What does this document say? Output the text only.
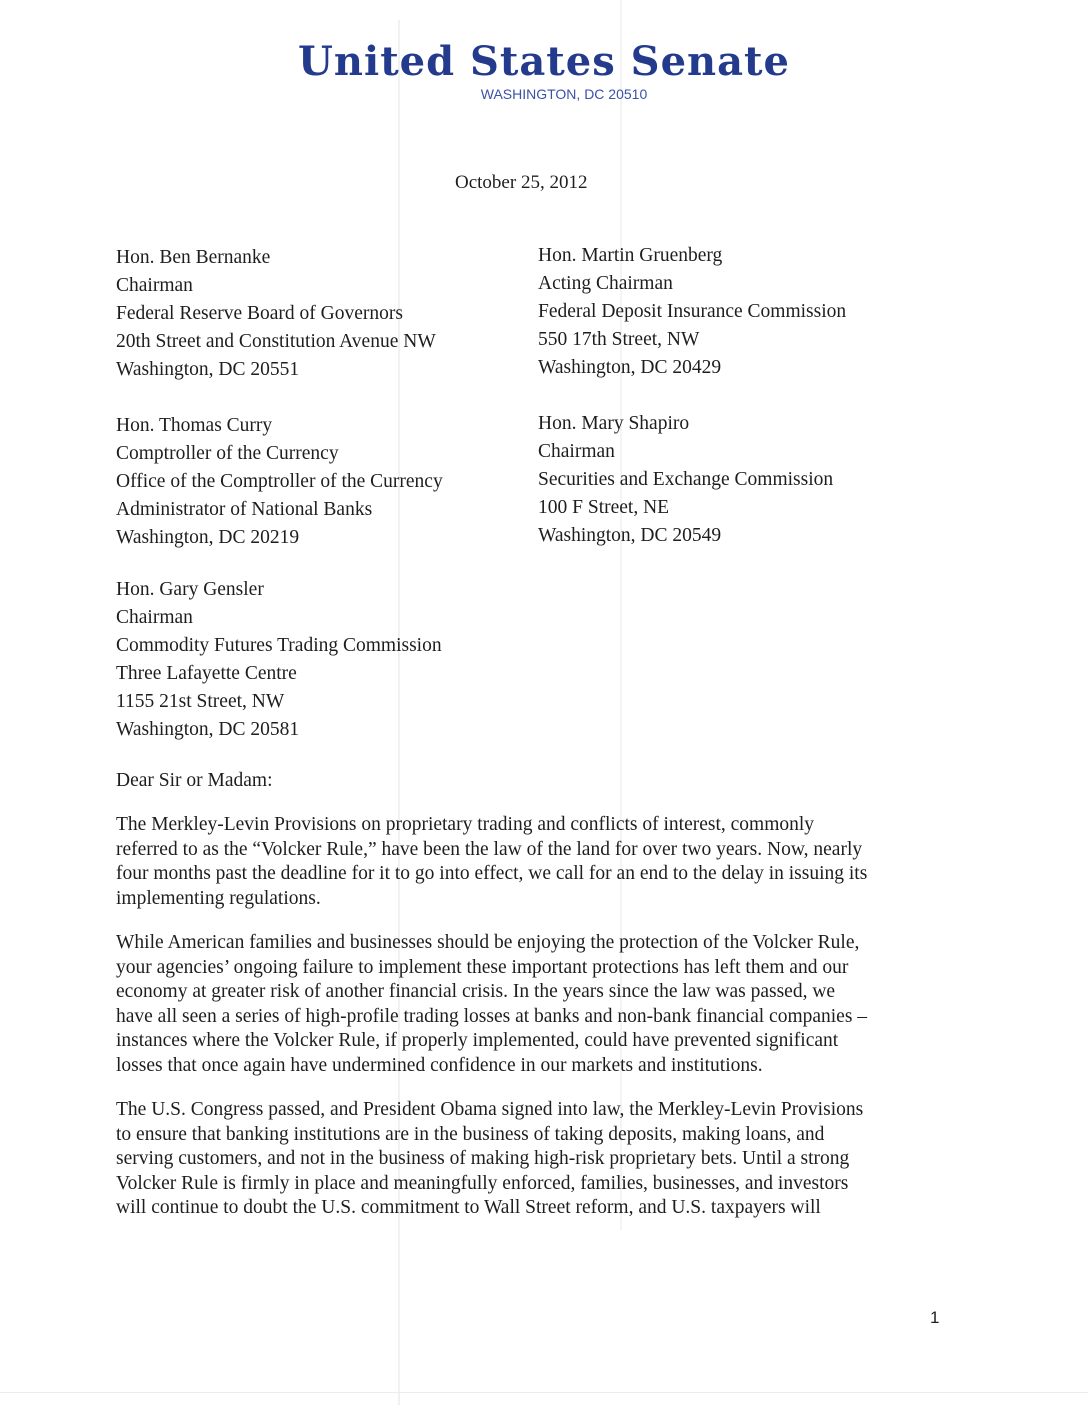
United States Senate
WASHINGTON, DC 20510
October 25, 2012
Hon. Ben Bernanke
Chairman
Federal Reserve Board of Governors
20th Street and Constitution Avenue NW
Washington, DC 20551
Hon. Martin Gruenberg
Acting Chairman
Federal Deposit Insurance Commission
550 17th Street, NW
Washington, DC 20429
Hon. Thomas Curry
Comptroller of the Currency
Office of the Comptroller of the Currency
Administrator of National Banks
Washington, DC 20219
Hon. Mary Shapiro
Chairman
Securities and Exchange Commission
100 F Street, NE
Washington, DC 20549
Hon. Gary Gensler
Chairman
Commodity Futures Trading Commission
Three Lafayette Centre
1155 21st Street, NW
Washington, DC 20581
Dear Sir or Madam:

The Merkley-Levin Provisions on proprietary trading and conflicts of interest, commonly

referred to as the “Volcker Rule,” have been the law of the land for over two years. Now, nearly

four months past the deadline for it to go into effect, we call for an end to the delay in issuing its

implementing regulations.

While American families and businesses should be enjoying the protection of the Volcker Rule,

your agencies’ ongoing failure to implement these important protections has left them and our

economy at greater risk of another financial crisis. In the years since the law was passed, we

have all seen a series of high-profile trading losses at banks and non-bank financial companies –

instances where the Volcker Rule, if properly implemented, could have prevented significant

losses that once again have undermined confidence in our markets and institutions.

The U.S. Congress passed, and President Obama signed into law, the Merkley-Levin Provisions

to ensure that banking institutions are in the business of taking deposits, making loans, and

serving customers, and not in the business of making high-risk proprietary bets. Until a strong

Volcker Rule is firmly in place and meaningfully enforced, families, businesses, and investors

will continue to doubt the U.S. commitment to Wall Street reform, and U.S. taxpayers will

1
